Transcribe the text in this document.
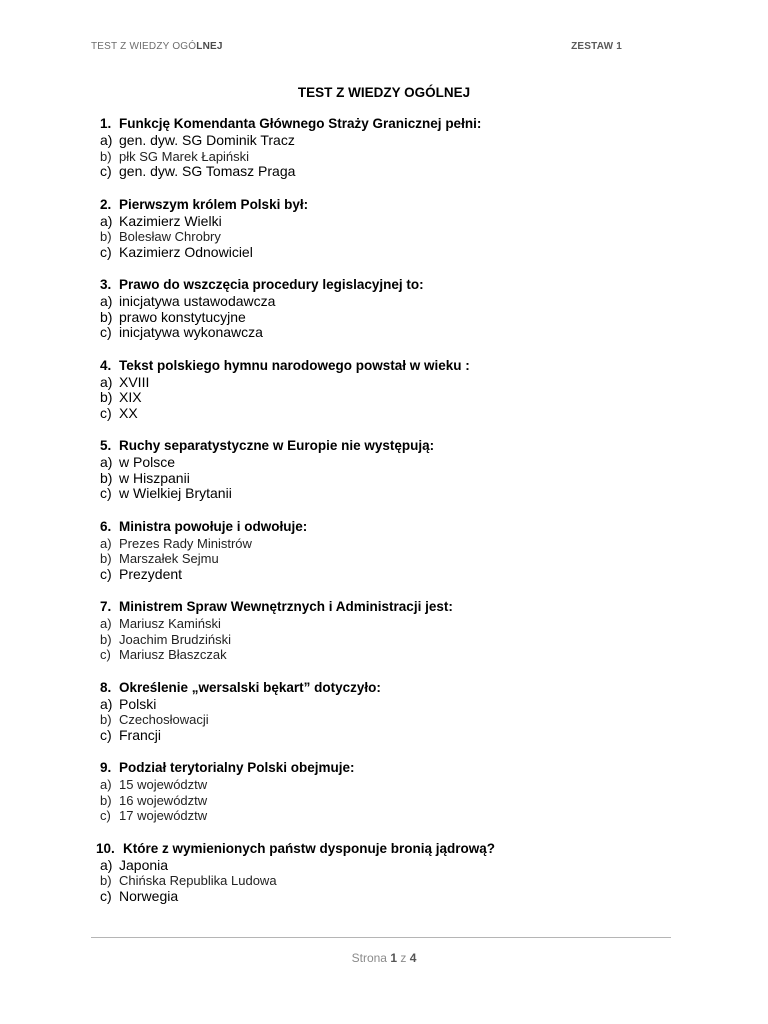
TEST Z WIEDZY OGÓLNEJ	ZESTAW 1
TEST Z WIEDZY OGÓLNEJ
1. Funkcję Komendanta Głównego Straży Granicznej pełni:
a) gen. dyw. SG Dominik Tracz
b) płk SG Marek Łapiński
c) gen. dyw. SG Tomasz Praga
2. Pierwszym królem Polski był:
a) Kazimierz Wielki
b) Bolesław Chrobry
c) Kazimierz Odnowiciel
3. Prawo do wszczęcia procedury legislacyjnej to:
a) inicjatywa ustawodawcza
b) prawo konstytucyjne
c) inicjatywa wykonawcza
4. Tekst polskiego hymnu narodowego powstał w wieku :
a) XVIII
b) XIX
c) XX
5. Ruchy separatystyczne w Europie nie występują:
a) w Polsce
b) w Hiszpanii
c) w Wielkiej Brytanii
6. Ministra powołuje i odwołuje:
a) Prezes Rady Ministrów
b) Marszałek Sejmu
c) Prezydent
7. Ministrem Spraw Wewnętrznych i Administracji jest:
a) Mariusz Kamiński
b) Joachim Brudziński
c) Mariusz Błaszczak
8. Określenie „wersalski bękart” dotyczyło:
a) Polski
b) Czechosłowacji
c) Francji
9. Podział terytorialny Polski obejmuje:
a) 15 województw
b) 16 województw
c) 17 województw
10. Które z wymienionych państw dysponuje bronią jądrową?
a) Japonia
b) Chińska Republika Ludowa
c) Norwegia
Strona 1 z 4
